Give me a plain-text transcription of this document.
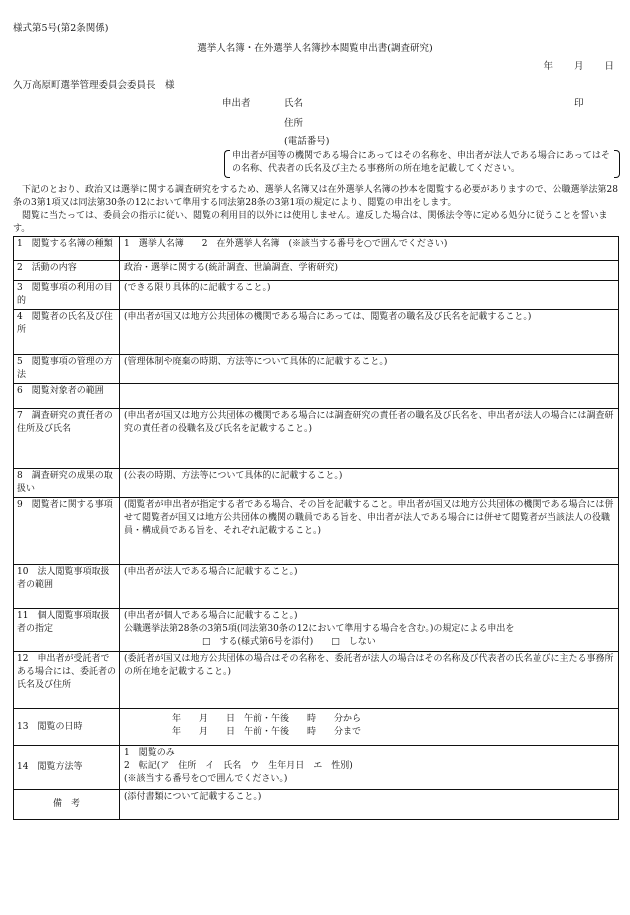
様式第5号(第2条関係)
選挙人名簿・在外選挙人名簿抄本閲覧申出書(調査研究)
年 月 日
久万高原町選挙管理委員会委員長　様
申出者	氏名	印
住所
(電話番号)
申出者が国等の機関である場合にあってはその名称を、申出者が法人である場合にあってはその名称、代表者の氏名及び主たる事務所の所在地を記載してください。

下記のとおり、政治又は選挙に関する調査研究をするため、選挙人名簿又は在外選挙人名簿の抄本を閲覧する必要がありますので、公職選挙法第28条の3第1項又は同法第30条の12において準用する同法第28条の3第1項の規定により、閲覧の申出をします。

閲覧に当たっては、委員会の指示に従い、閲覧の利用目的以外には使用しません。違反した場合は、関係法令等に定める処分に従うことを誓います。

1　閲覧する名簿の種類	1　選挙人名簿　　2　在外選挙人名簿　(※該当する番号を○で囲んでください)
2　活動の内容	政治・選挙に関する(統計調査、世論調査、学術研究)
3　閲覧事項の利用の目的	(できる限り具体的に記載すること。)
4　閲覧者の氏名及び住所	(申出者が国又は地方公共団体の機関である場合にあっては、閲覧者の職名及び氏名を記載すること。)
5　閲覧事項の管理の方法	(管理体制や廃棄の時期、方法等について具体的に記載すること。)
6　閲覧対象者の範囲	
7　調査研究の責任者の住所及び氏名	(申出者が国又は地方公共団体の機関である場合には調査研究の責任者の職名及び氏名を、申出者が法人の場合には調査研究の責任者の役職名及び氏名を記載すること。)
8　調査研究の成果の取扱い	(公表の時期、方法等について具体的に記載すること。)
9　閲覧者に関する事項	(閲覧者が申出者が指定する者である場合、その旨を記載すること。申出者が国又は地方公共団体の機関である場合には併せて閲覧者が国又は地方公共団体の機関の職員である旨を、申出者が法人である場合には併せて閲覧者が当該法人の役職員・構成員である旨を、それぞれ記載すること。)
10　法人閲覧事項取扱者の範囲	(申出者が法人である場合に記載すること。)
11　個人閲覧事項取扱者の指定	(申出者が個人である場合に記載すること。)
公職選挙法第28条の3第5項(同法第30条の12において準用する場合を含む。)の規定による申出を
□　する(様式第6号を添付)　　□　しない

12　申出者が受託者である場合には、委託者の氏名及び住所	(委託者が国又は地方公共団体の場合はその名称を、委託者が法人の場合はその名称及び代表者の氏名並びに主たる事務所の所在地を記載すること。)
13　閲覧の日時	年　　月　　日　午前・午後　　時　　分から
年　　月　　日　午前・午後　　時　　分まで

14　閲覧方法等	1　閲覧のみ
2　転記(ア　住所　イ　氏名　ウ　生年月日　エ　性別)
(※該当する番号を○で囲んでください。)

備　考	(添付書類について記載すること。)
